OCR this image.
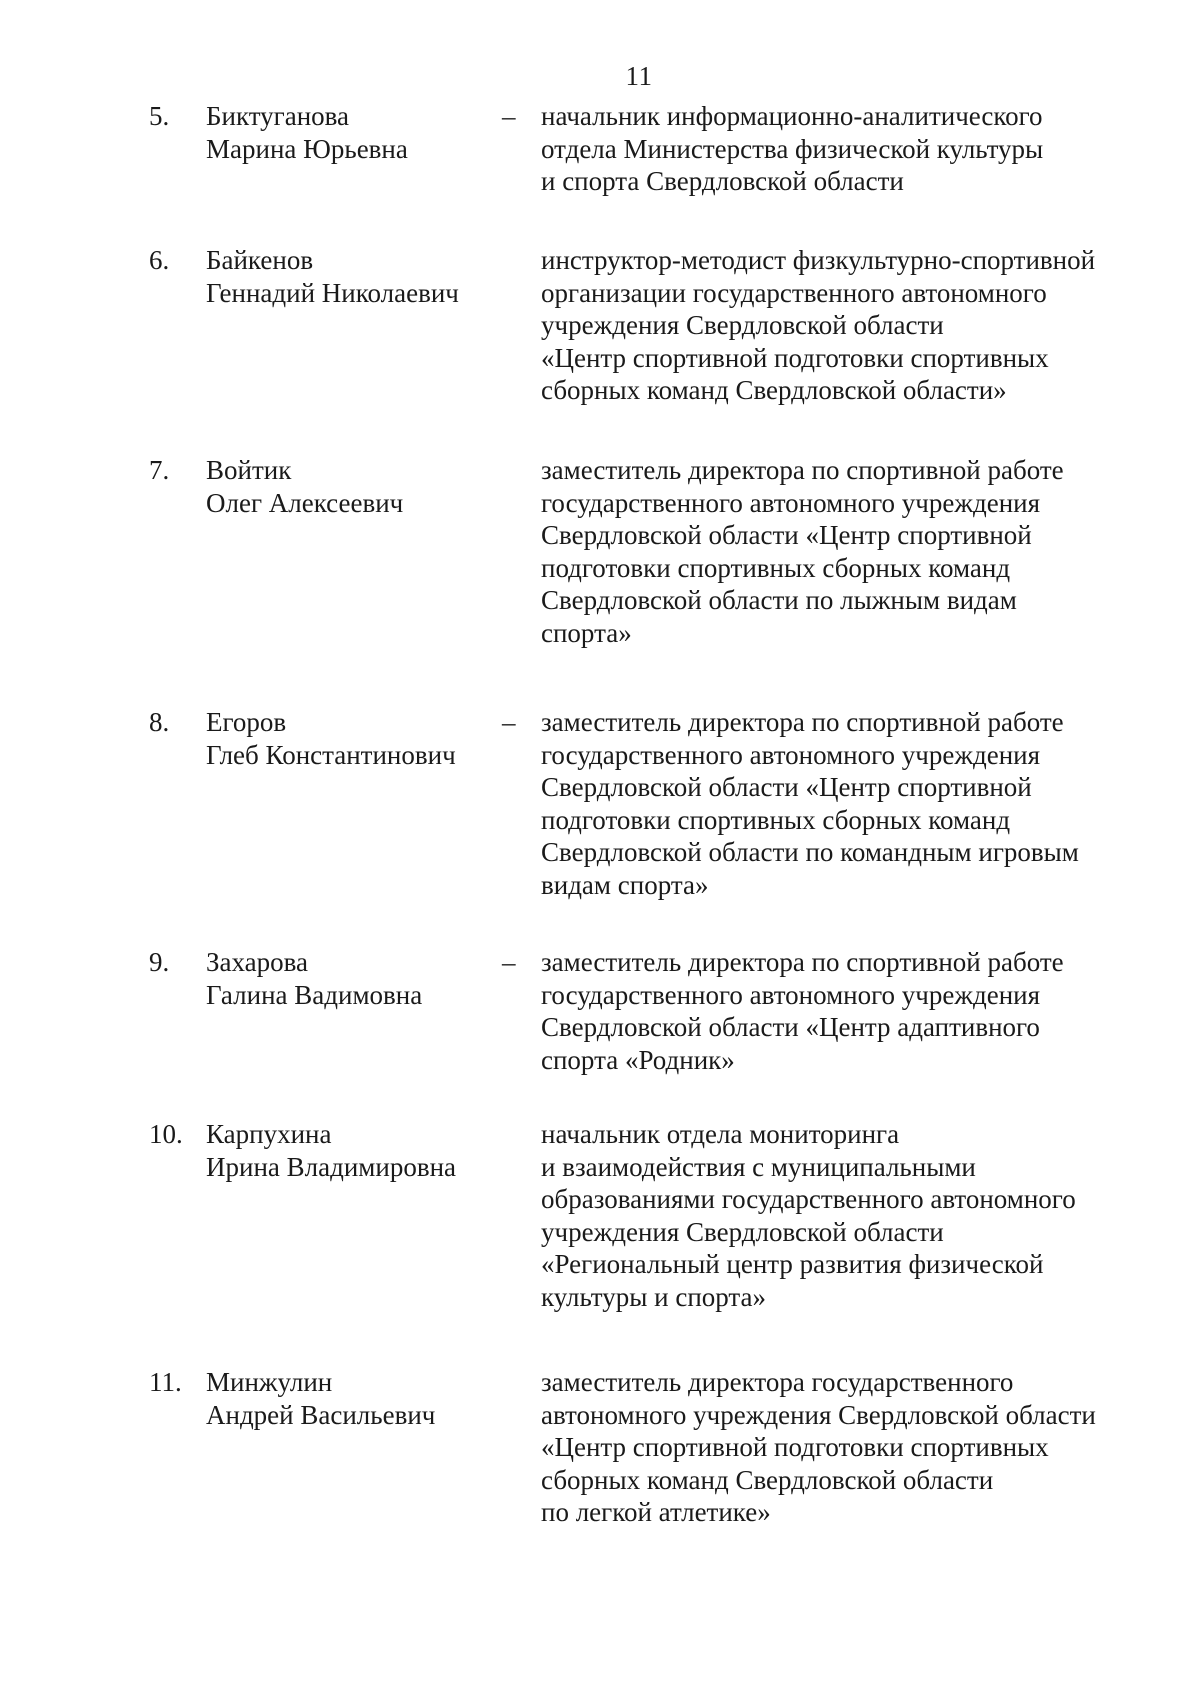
11
5. Биктуганова
Марина Юрьевна
– начальник информационно-аналитического
отдела Министерства физической культуры
и спорта Свердловской области
6. Байкенов
Геннадий Николаевич
инструктор-методист физкультурно-спортивной
организации государственного автономного
учреждения Свердловской области
«Центр спортивной подготовки спортивных
сборных команд Свердловской области»
7. Войтик
Олег Алексеевич
заместитель директора по спортивной работе
государственного автономного учреждения
Свердловской области «Центр спортивной
подготовки спортивных сборных команд
Свердловской области по лыжным видам
спорта»
8. Егоров
Глеб Константинович
– заместитель директора по спортивной работе
государственного автономного учреждения
Свердловской области «Центр спортивной
подготовки спортивных сборных команд
Свердловской области по командным игровым
видам спорта»
9. Захарова
Галина Вадимовна
– заместитель директора по спортивной работе
государственного автономного учреждения
Свердловской области «Центр адаптивного
спорта «Родник»
10. Карпухина
Ирина Владимировна
начальник отдела мониторинга
и взаимодействия с муниципальными
образованиями государственного автономного
учреждения Свердловской области
«Региональный центр развития физической
культуры и спорта»
11. Минжулин
Андрей Васильевич
заместитель директора государственного
автономного учреждения Свердловской области
«Центр спортивной подготовки спортивных
сборных команд Свердловской области
по легкой атлетике»
